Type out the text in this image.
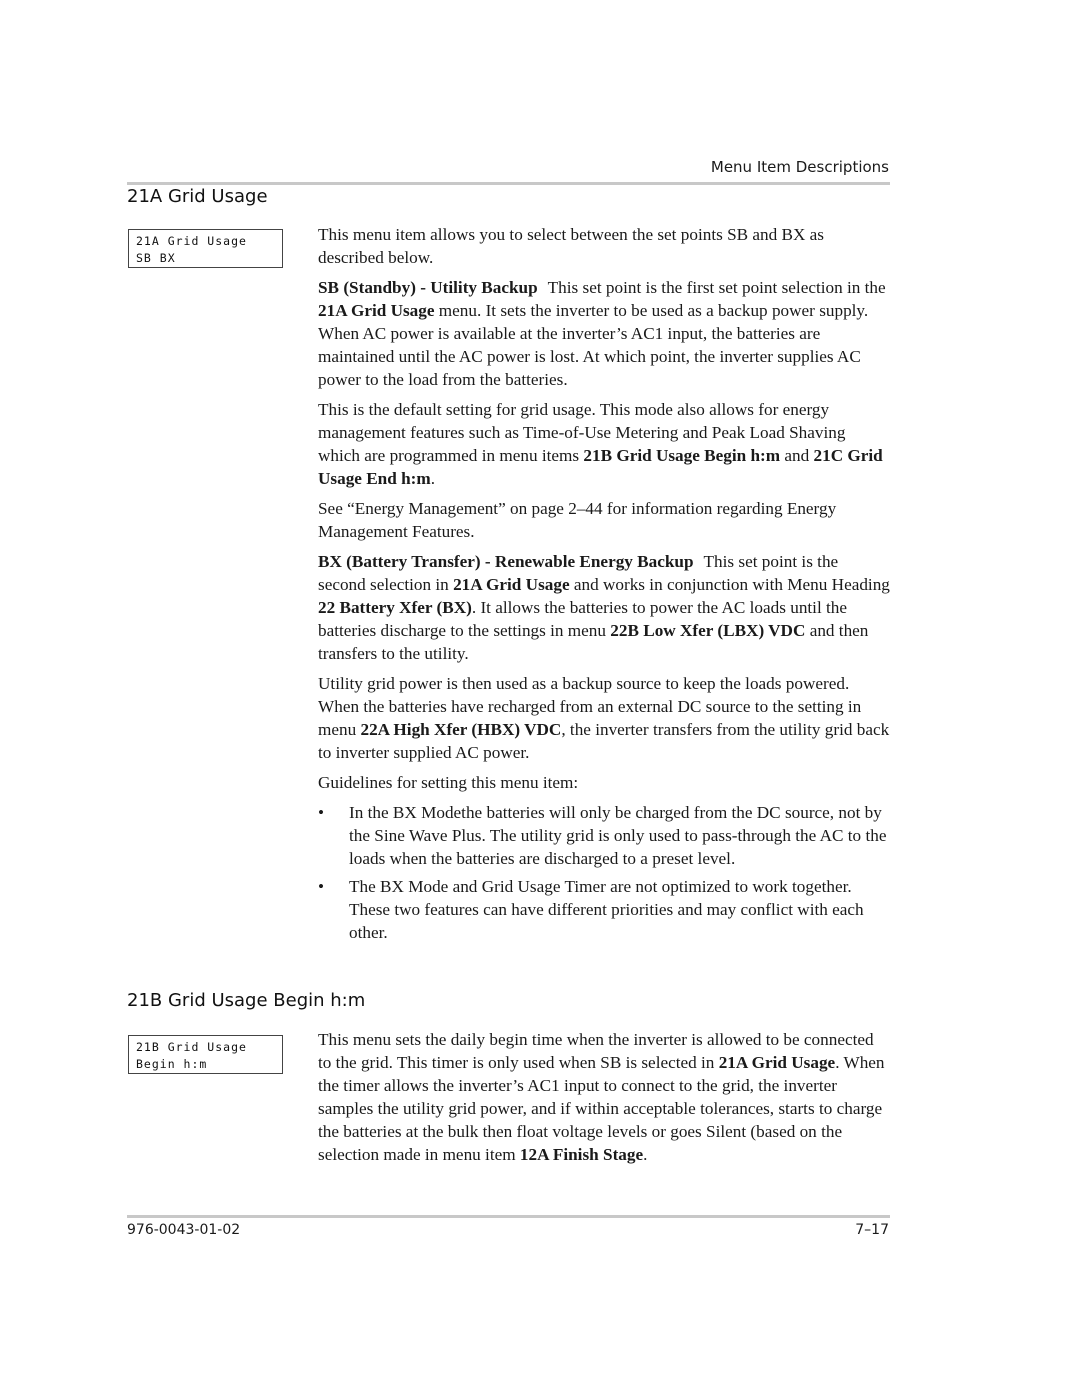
Menu Item Descriptions
21A Grid Usage
21A Grid Usage
SB BX

This menu item allows you to select between the set points SB and BX as described below.

SB (Standby) - Utility Backup This set point is the first set point selection in the 21A Grid Usage menu. It sets the inverter to be used as a backup power supply. When AC power is available at the inverter’s AC1 input, the batteries are maintained until the AC power is lost. At which point, the inverter supplies AC power to the load from the batteries.

This is the default setting for grid usage. This mode also allows for energy management features such as Time-of-Use Metering and Peak Load Shaving which are programmed in menu items 21B Grid Usage Begin h:m and 21C Grid Usage End h:m.

See “Energy Management” on page 2–44 for information regarding Energy Management Features.

BX (Battery Transfer) - Renewable Energy Backup This set point is the second selection in 21A Grid Usage and works in conjunction with Menu Heading 22 Battery Xfer (BX). It allows the batteries to power the AC loads until the batteries discharge to the settings in menu 22B Low Xfer (LBX) VDC and then transfers to the utility.

Utility grid power is then used as a backup source to keep the loads powered. When the batteries have recharged from an external DC source to the setting in menu 22A High Xfer (HBX) VDC, the inverter transfers from the utility grid back to inverter supplied AC power.

Guidelines for setting this menu item:

• In the BX Modethe batteries will only be charged from the DC source, not by the Sine Wave Plus. The utility grid is only used to pass-through the AC to the loads when the batteries are discharged to a preset level.
• The BX Mode and Grid Usage Timer are not optimized to work together. These two features can have different priorities and may conflict with each other.
21B Grid Usage Begin h:m
21B Grid Usage
Begin h:m

This menu sets the daily begin time when the inverter is allowed to be connected to the grid. This timer is only used when SB is selected in 21A Grid Usage. When the timer allows the inverter’s AC1 input to connect to the grid, the inverter samples the utility grid power, and if within acceptable tolerances, starts to charge the batteries at the bulk then float voltage levels or goes Silent (based on the selection made in menu item 12A Finish Stage.

976-0043-01-02	7–17
